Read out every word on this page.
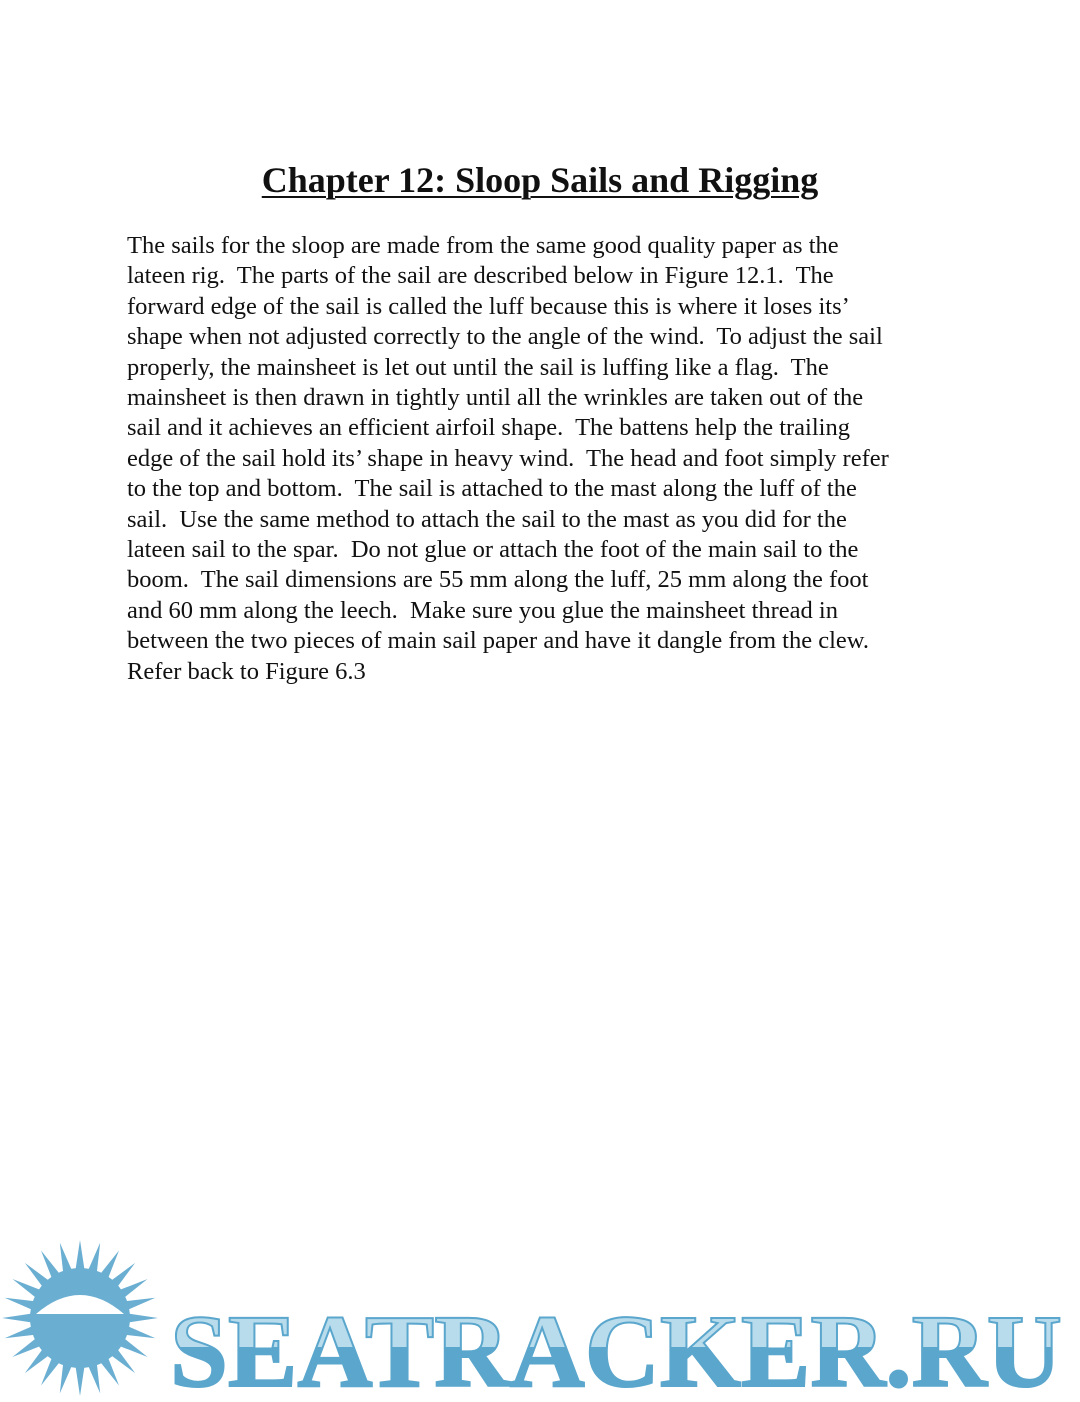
Chapter 12: Sloop Sails and Rigging

The sails for the sloop are made from the same good quality paper as the
lateen rig.  The parts of the sail are described below in Figure 12.1.  The
forward edge of the sail is called the luff because this is where it loses its’
shape when not adjusted correctly to the angle of the wind.  To adjust the sail
properly, the mainsheet is let out until the sail is luffing like a flag.  The
mainsheet is then drawn in tightly until all the wrinkles are taken out of the
sail and it achieves an efficient airfoil shape.  The battens help the trailing
edge of the sail hold its’ shape in heavy wind.  The head and foot simply refer
to the top and bottom.  The sail is attached to the mast along the luff of the
sail.  Use the same method to attach the sail to the mast as you did for the
lateen sail to the spar.  Do not glue or attach the foot of the main sail to the
boom.  The sail dimensions are 55 mm along the luff, 25 mm along the foot
and 60 mm along the leech.  Make sure you glue the mainsheet thread in
between the two pieces of main sail paper and have it dangle from the clew.
Refer back to Figure 6.3

SEATRACKER.RU
